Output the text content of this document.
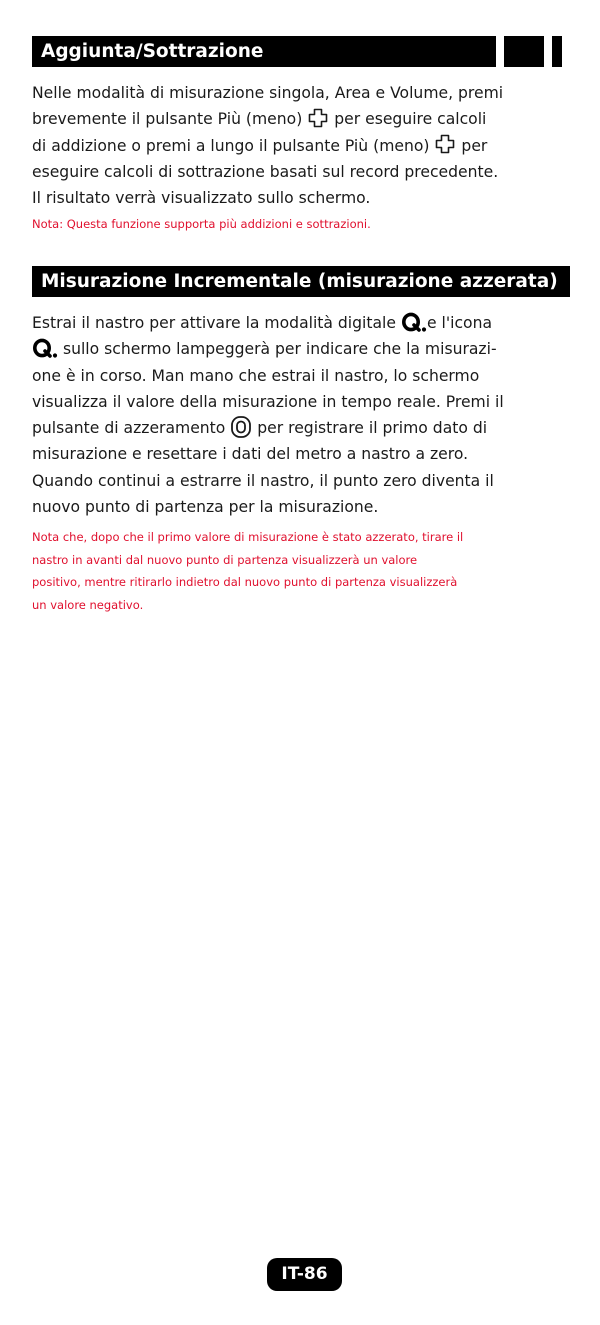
Aggiunta/Sottrazione
Nelle modalità di misurazione singola, Area e Volume, premi
brevemente il pulsante Più (meno) per eseguire calcoli
di addizione o premi a lungo il pulsante Più (meno) per
eseguire calcoli di sottrazione basati sul record precedente.
Il risultato verrà visualizzato sullo schermo.
Nota: Questa funzione supporta più addizioni e sottrazioni.
Misurazione Incrementale (misurazione azzerata)
Estrai il nastro per attivare la modalità digitale e l'icona
sullo schermo lampeggerà per indicare che la misurazi-
one è in corso. Man mano che estrai il nastro, lo schermo
visualizza il valore della misurazione in tempo reale. Premi il
pulsante di azzeramento per registrare il primo dato di
misurazione e resettare i dati del metro a nastro a zero.
Quando continui a estrarre il nastro, il punto zero diventa il
nuovo punto di partenza per la misurazione.
Nota che, dopo che il primo valore di misurazione è stato azzerato, tirare il
nastro in avanti dal nuovo punto di partenza visualizzerà un valore
positivo, mentre ritirarlo indietro dal nuovo punto di partenza visualizzerà
un valore negativo.
IT-86
